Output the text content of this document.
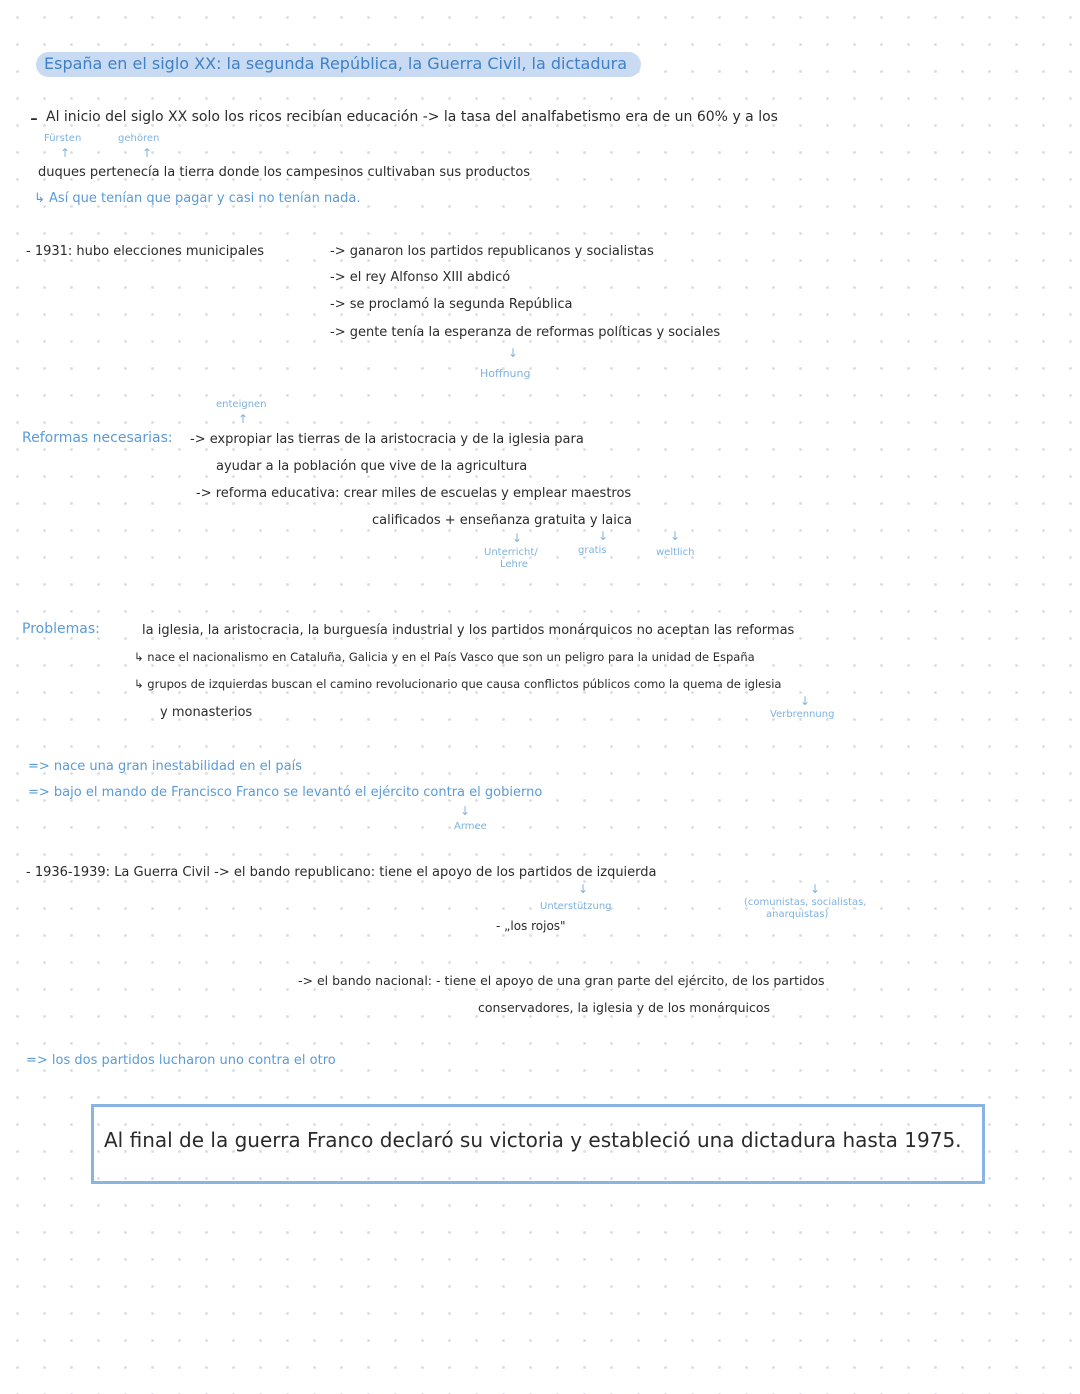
España en el siglo XX: la segunda República, la Guerra Civil, la dictadura
- Al inicio del siglo XX solo los ricos recibían educación -> la tasa del analfabetismo era de un 60% y a los
Fürsten	gehören
↑	↑
duques pertenecía la tierra donde los campesinos cultivaban sus productos
↳ Así que tenían que pagar y casi no tenían nada.
- 1931: hubo elecciones municipales	-> ganaron los partidos republicanos y socialistas
-> el rey Alfonso XIII abdicó
-> se proclamó la segunda República
-> gente tenía la esperanza de reformas políticas y sociales
↓
Hoffnung
enteignen
↑
Reformas necesarias: -> expropiar las tierras de la aristocracia y de la iglesia para
ayudar a la población que vive de la agricultura
-> reforma educativa: crear miles de escuelas y emplear maestros
calificados + enseñanza gratuita y laica
↓	↓	↓
Unterricht/
Lehre
gratis	weltlich
Problemas:	la iglesia, la aristocracia, la burguesía industrial y los partidos monárquicos no aceptan las reformas
↳ nace el nacionalismo en Cataluña, Galicia y en el País Vasco que son un peligro para la unidad de España
↳ grupos de izquierdas buscan el camino revolucionario que causa conflictos públicos como la quema de iglesia
y monasterios
↓
Verbrennung
=> nace una gran inestabilidad en el país
=> bajo el mando de Francisco Franco se levantó el ejército contra el gobierno
↓
Armee
- 1936-1939: La Guerra Civil -> el bando republicano: tiene el apoyo de los partidos de izquierda
↓	↓
Unterstützung	(comunistas, socialistas,
anarquistas)
- „los rojos"
-> el bando nacional: - tiene el apoyo de una gran parte del ejército, de los partidos
conservadores, la iglesia y de los monárquicos
=> los dos partidos lucharon uno contra el otro
Al final de la guerra Franco declaró su victoria y estableció una dictadura hasta 1975.
